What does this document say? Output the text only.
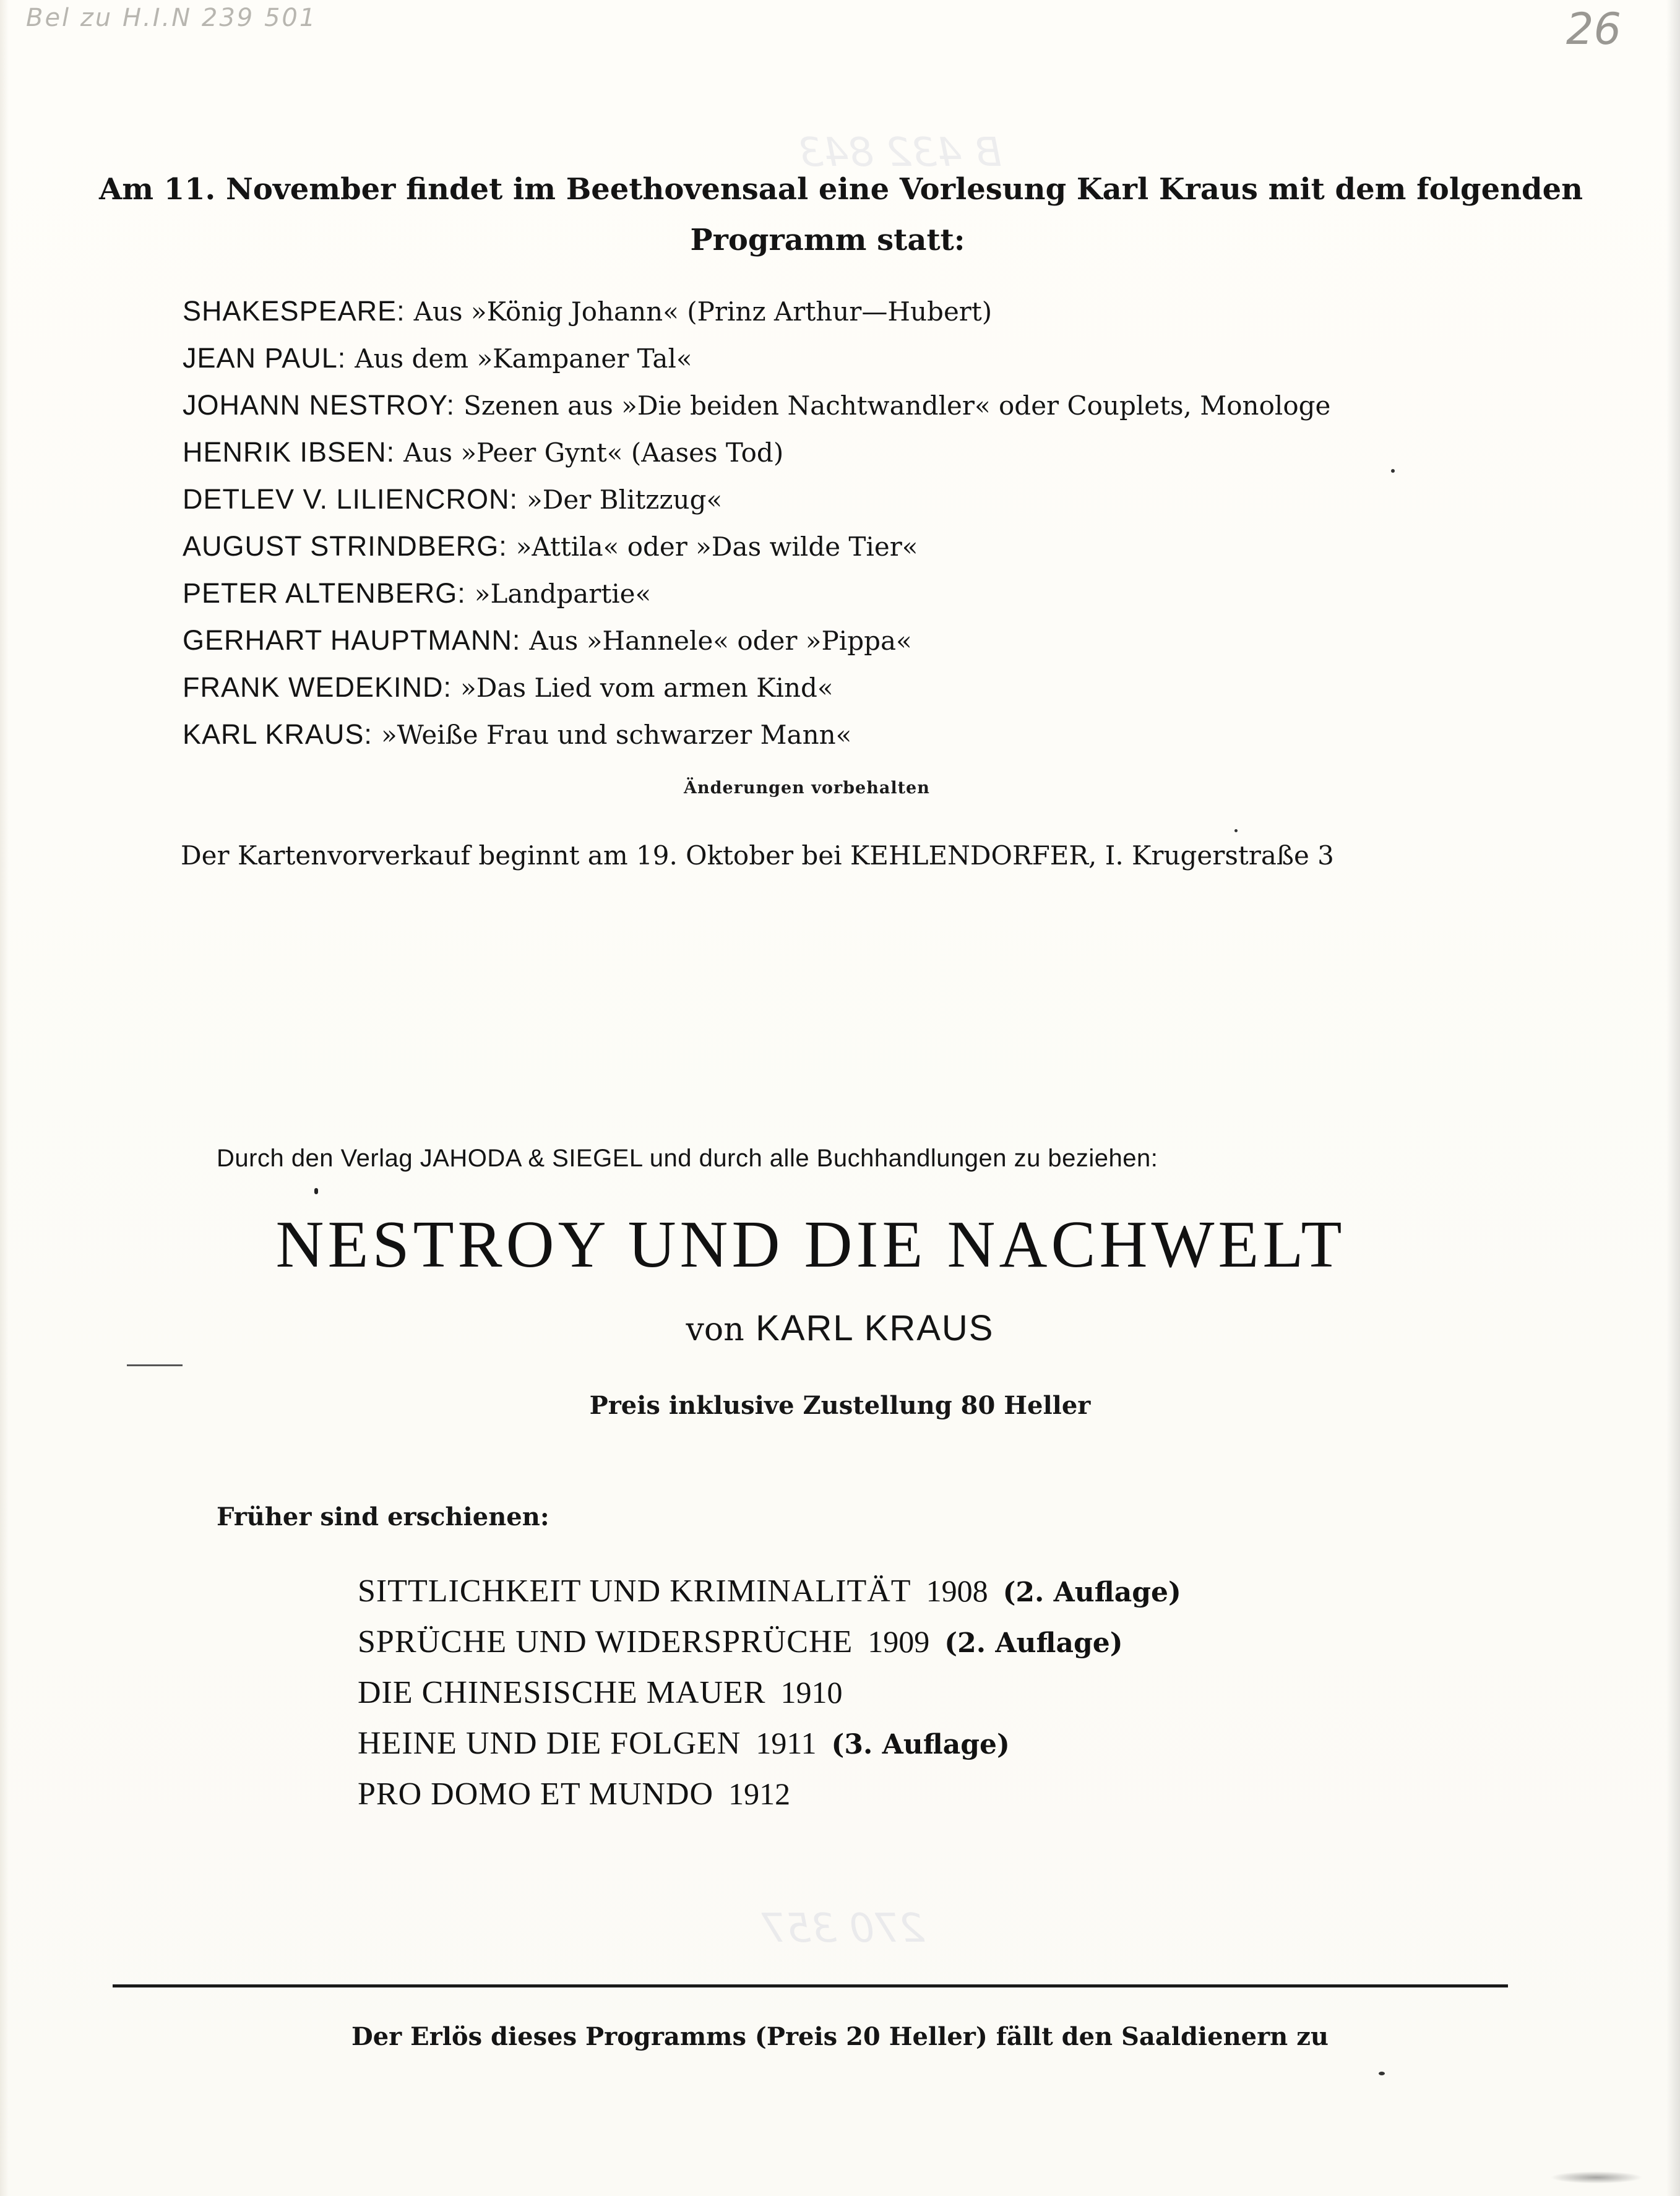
Bel zu H.I.N 239 501	26
B 432 843
270 357
Am 11. November findet im Beethovensaal eine Vorlesung Karl Kraus mit dem folgenden
Programm statt:
SHAKESPEARE: Aus »König Johann« (Prinz Arthur—Hubert)
JEAN PAUL: Aus dem »Kampaner Tal«
JOHANN NESTROY: Szenen aus »Die beiden Nachtwandler« oder Couplets, Monologe
HENRIK IBSEN: Aus »Peer Gynt« (Aases Tod)
DETLEV V. LILIENCRON: »Der Blitzzug«
AUGUST STRINDBERG: »Attila« oder »Das wilde Tier«
PETER ALTENBERG: »Landpartie«
GERHART HAUPTMANN: Aus »Hannele« oder »Pippa«
FRANK WEDEKIND: »Das Lied vom armen Kind«
KARL KRAUS: »Weiße Frau und schwarzer Mann«
Änderungen vorbehalten
Der Kartenvorverkauf beginnt am 19. Oktober bei KEHLENDORFER, I. Krugerstraße 3
Durch den Verlag JAHODA & SIEGEL und durch alle Buchhandlungen zu beziehen:
NESTROY UND DIE NACHWELT
von KARL KRAUS
Preis inklusive Zustellung 80 Heller
Früher sind erschienen:
SITTLICHKEIT UND KRIMINALITÄT 1908 (2. Auflage)
SPRÜCHE UND WIDERSPRÜCHE 1909 (2. Auflage)
DIE CHINESISCHE MAUER 1910
HEINE UND DIE FOLGEN 1911 (3. Auflage)
PRO DOMO ET MUNDO 1912
Der Erlös dieses Programms (Preis 20 Heller) fällt den Saaldienern zu
